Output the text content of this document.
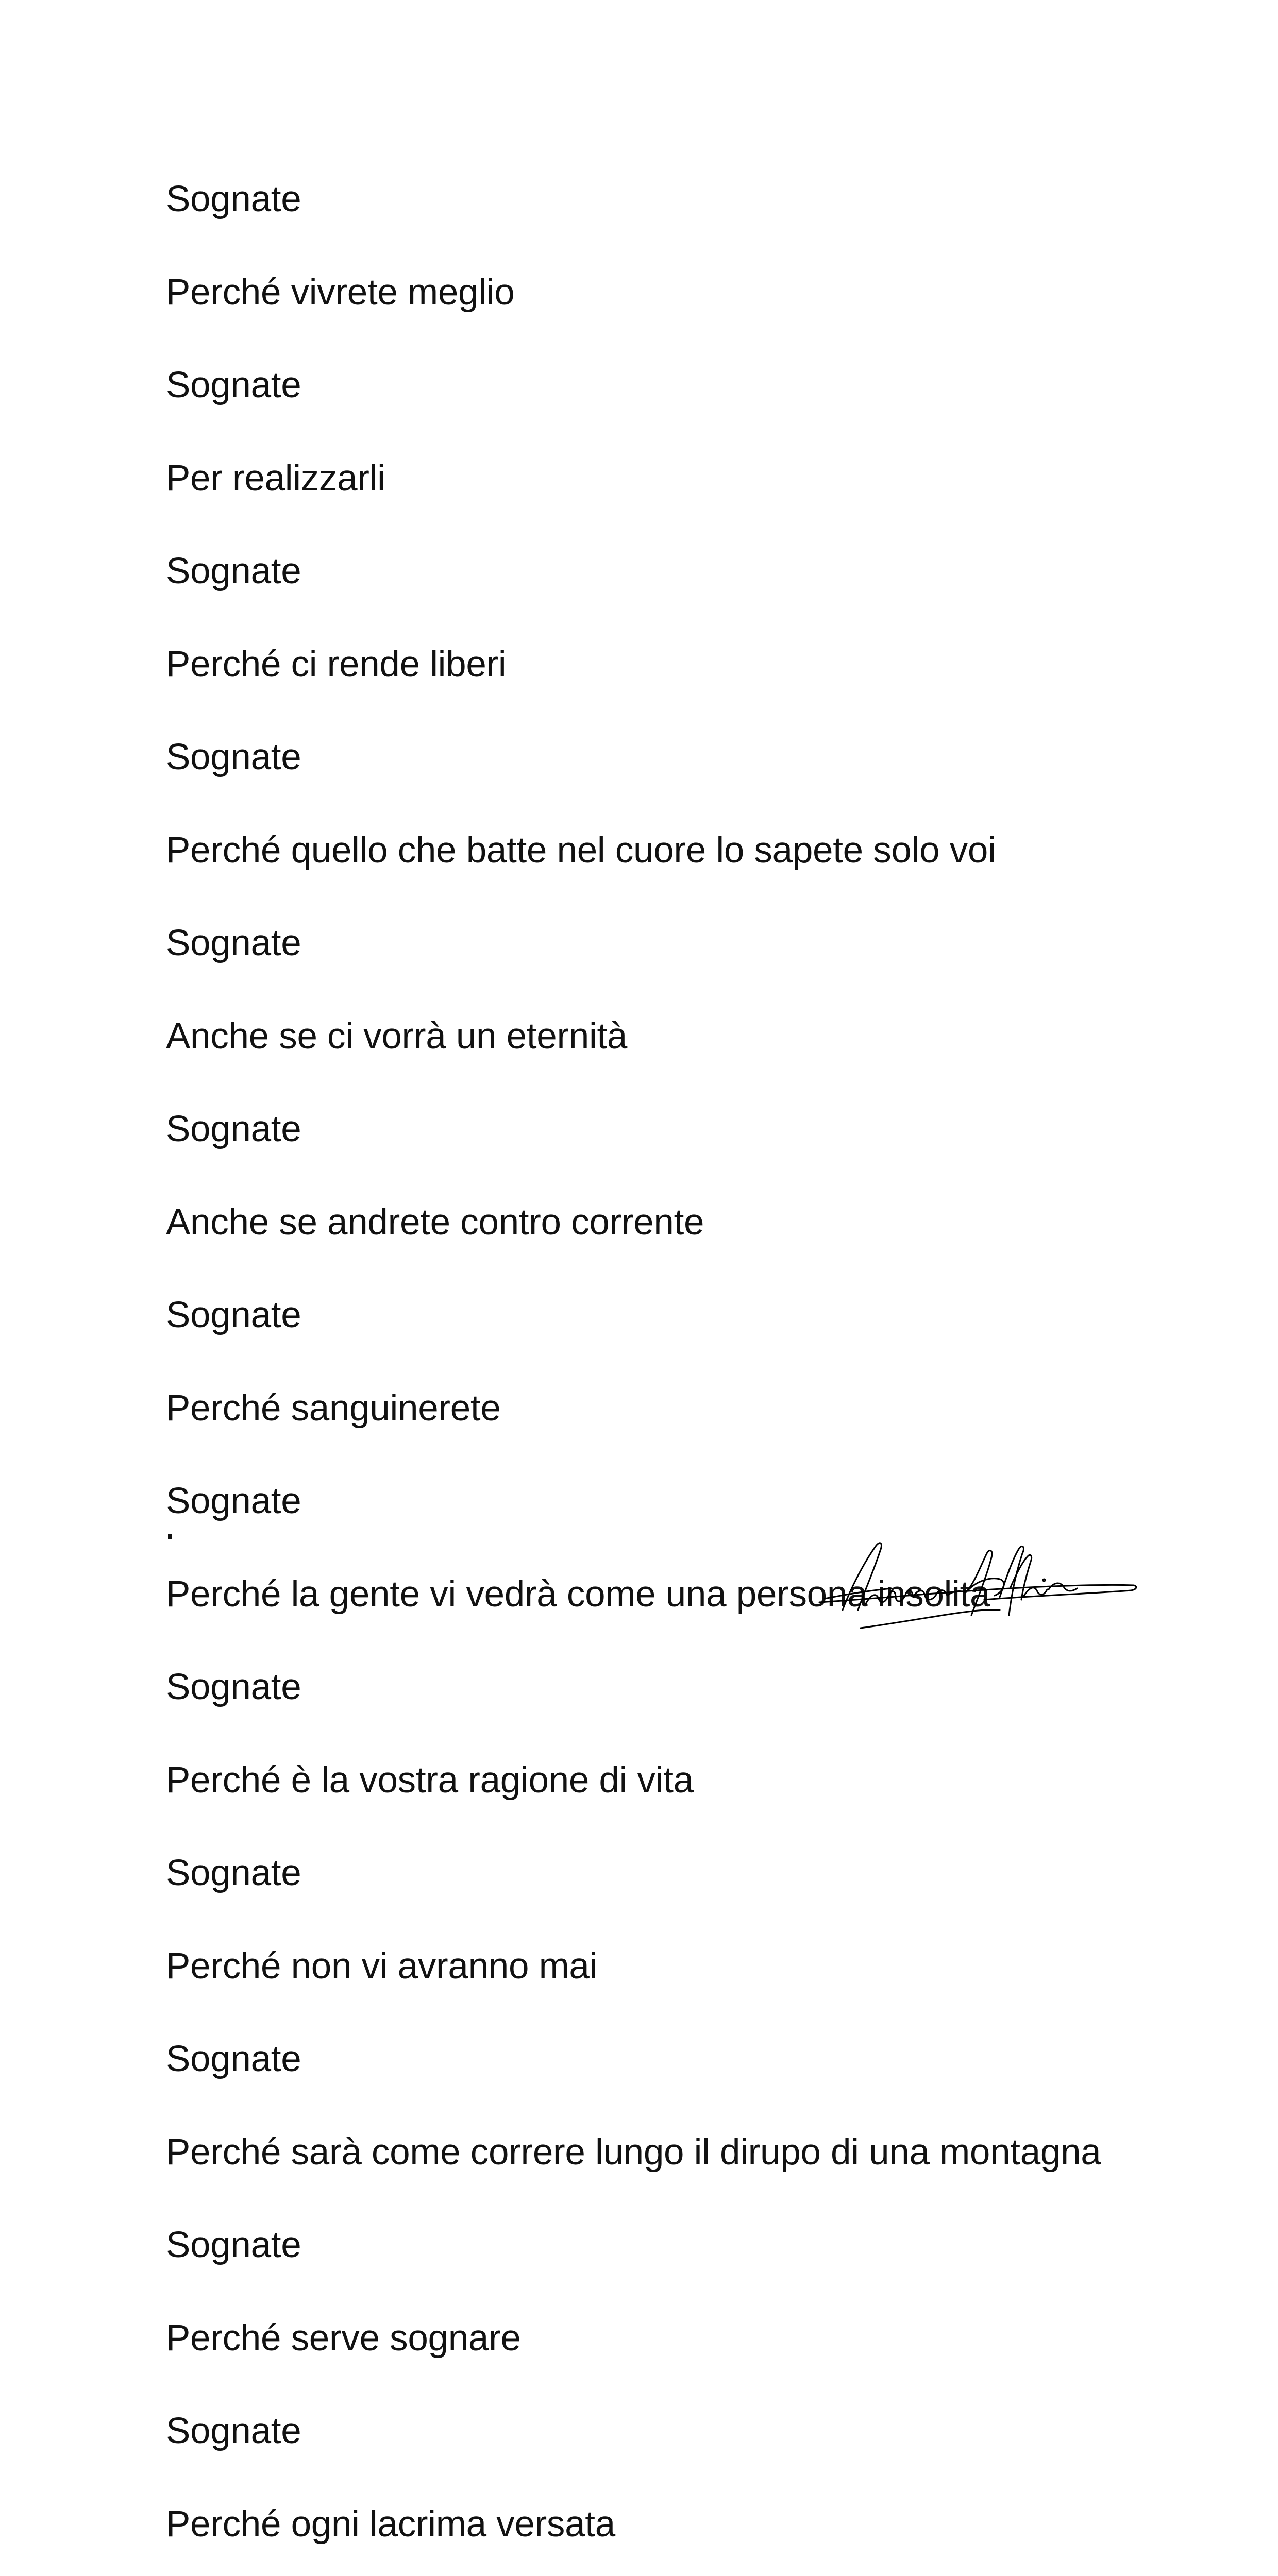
Sognate
Perché vivrete meglio
Sognate
Per realizzarli
Sognate
Perché ci rende liberi
Sognate
Perché quello che batte nel cuore lo sapete solo voi
Sognate
Anche se ci vorrà un eternità
Sognate
Anche se andrete contro corrente
Sognate
Perché sanguinerete
Sognate
Perché la gente vi vedrà come una persona insolita
Sognate
Perché è la vostra ragione di vita
Sognate
Perché non vi avranno mai
Sognate
Perché sarà come correre lungo il dirupo di una montagna
Sognate
Perché serve sognare
Sognate
Perché ogni lacrima versata
